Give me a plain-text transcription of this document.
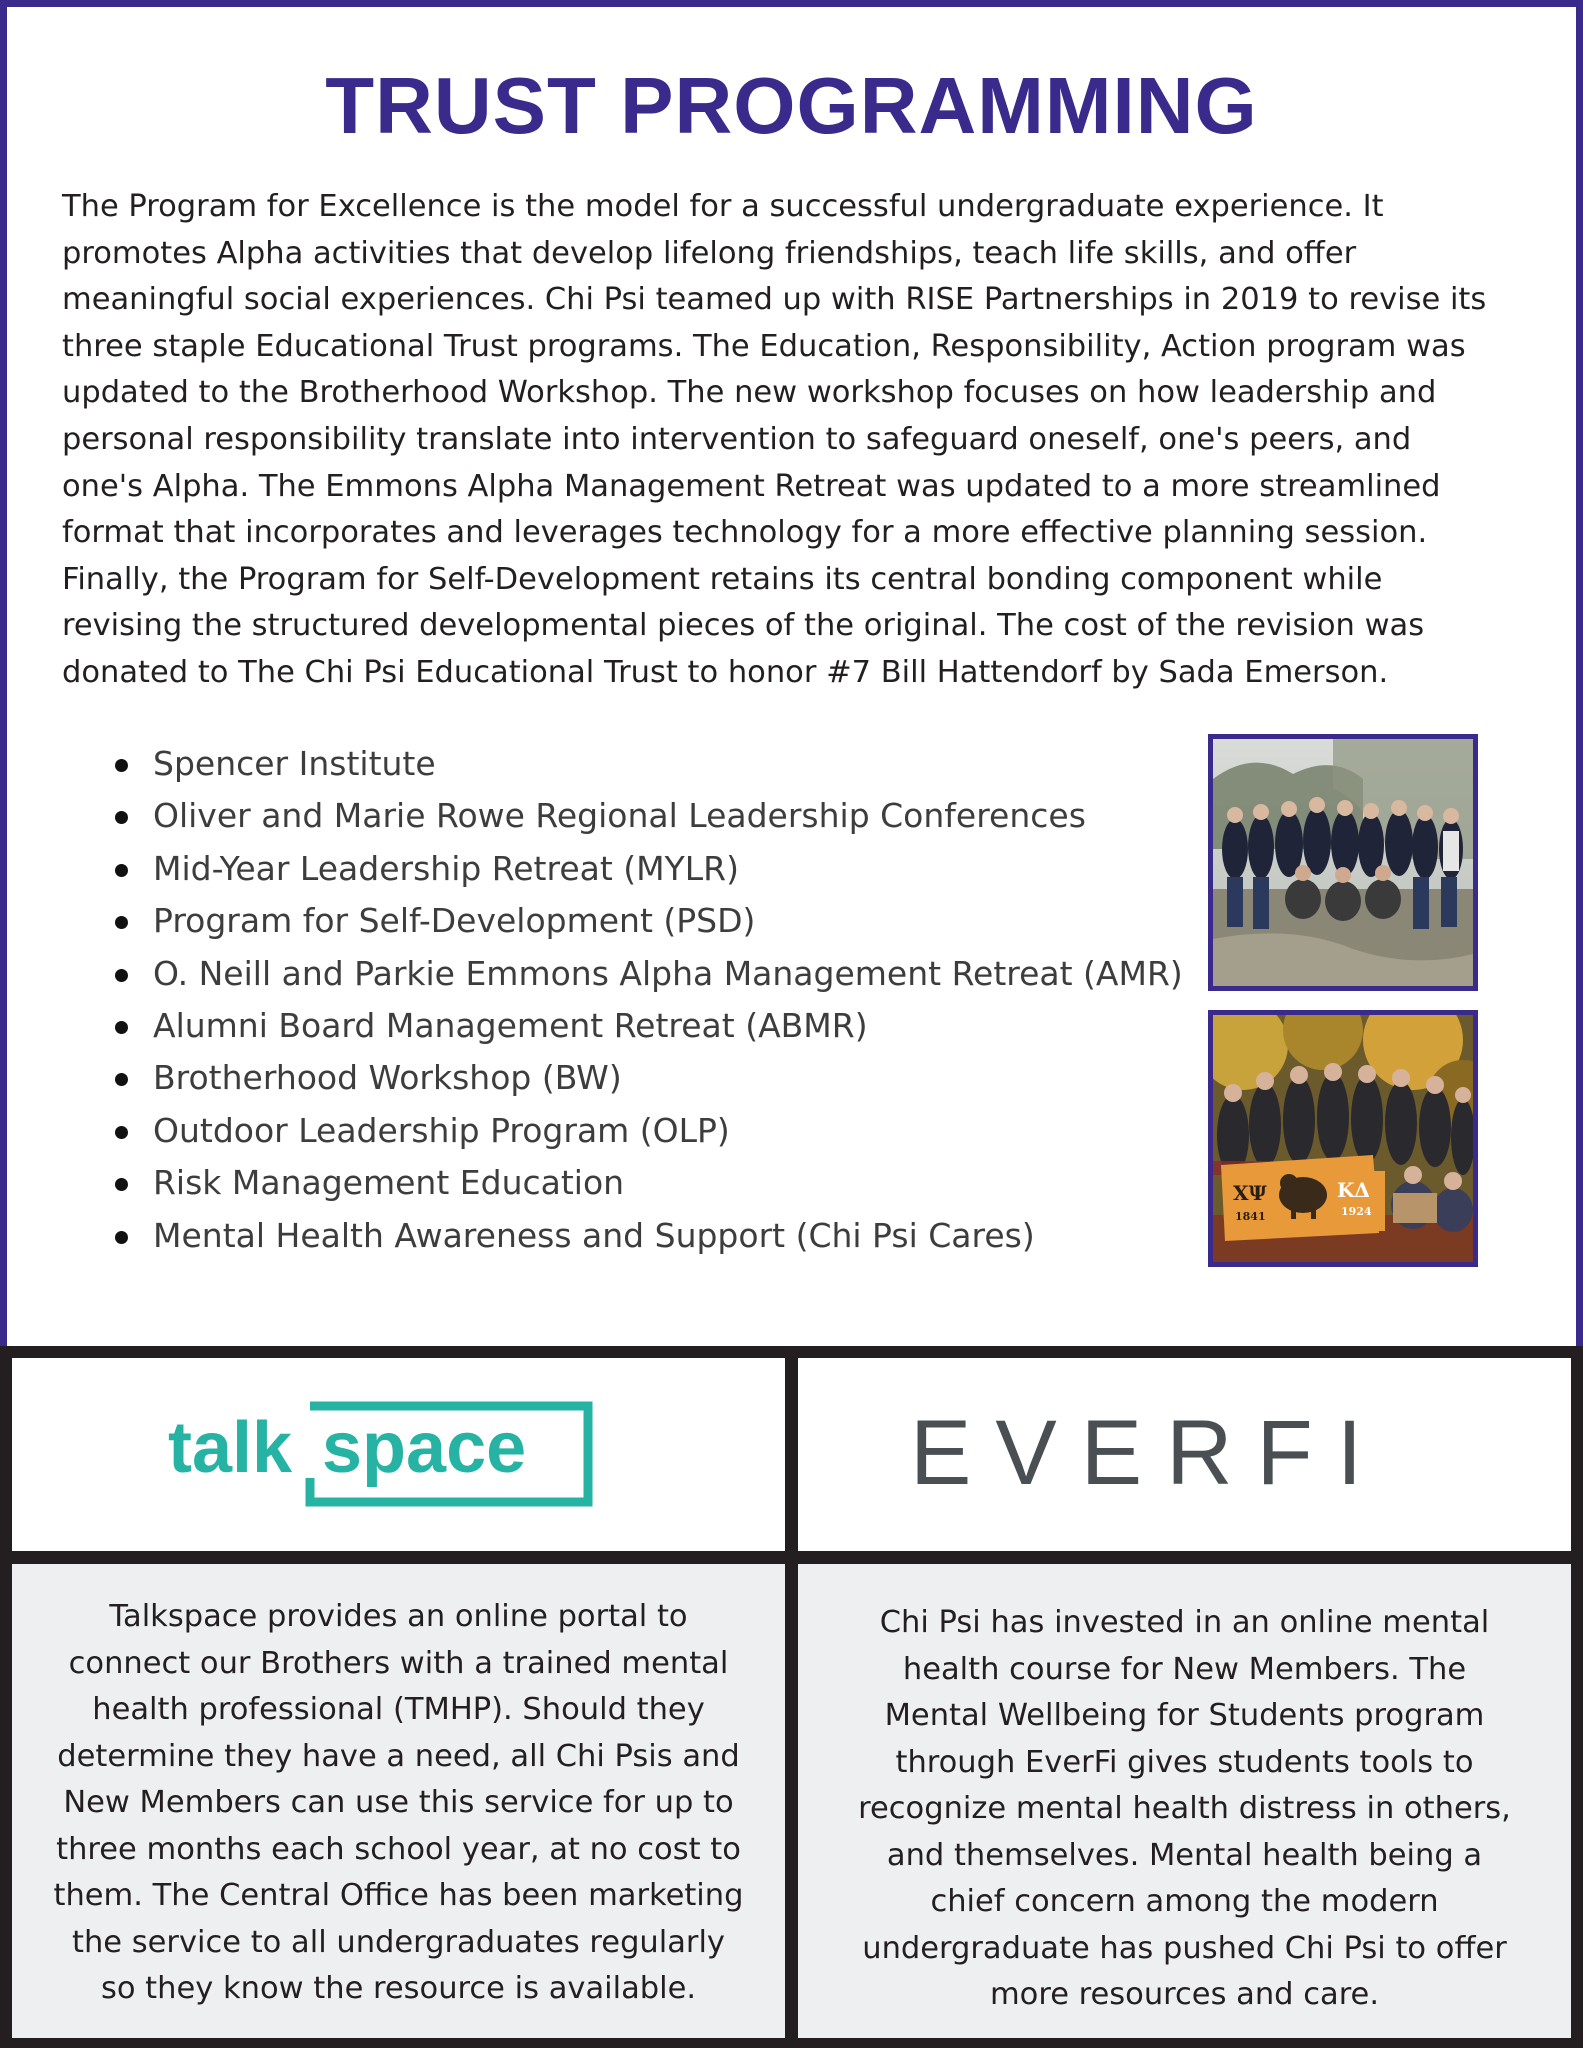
TRUST PROGRAMMING

The Program for Excellence is the model for a successful undergraduate experience. It
promotes Alpha activities that develop lifelong friendships, teach life skills, and offer
meaningful social experiences. Chi Psi teamed up with RISE Partnerships in 2019 to revise its
three staple Educational Trust programs. The Education, Responsibility, Action program was
updated to the Brotherhood Workshop. The new workshop focuses on how leadership and
personal responsibility translate into intervention to safeguard oneself, one's peers, and
one's Alpha. The Emmons Alpha Management Retreat was updated to a more streamlined
format that incorporates and leverages technology for a more effective planning session.
Finally, the Program for Self-Development retains its central bonding component while
revising the structured developmental pieces of the original. The cost of the revision was
donated to The Chi Psi Educational Trust to honor #7 Bill Hattendorf by Sada Emerson.

Spencer Institute
Oliver and Marie Rowe Regional Leadership Conferences
Mid-Year Leadership Retreat (MYLR)
Program for Self-Development (PSD)
O. Neill and Parkie Emmons Alpha Management Retreat (AMR)
Alumni Board Management Retreat (ABMR)
Brotherhood Workshop (BW)
Outdoor Leadership Program (OLP)
Risk Management Education
Mental Health Awareness and Support (Chi Psi Cares)
ΧΨ
1841
ΚΔ
1924
talk space	EVERFI

Talkspace provides an online portal to
connect our Brothers with a trained mental
health professional (TMHP). Should they
determine they have a need, all Chi Psis and
New Members can use this service for up to
three months each school year, at no cost to
them. The Central Office has been marketing
the service to all undergraduates regularly
so they know the resource is available.

Chi Psi has invested in an online mental
health course for New Members. The
Mental Wellbeing for Students program
through EverFi gives students tools to
recognize mental health distress in others,
and themselves. Mental health being a
chief concern among the modern
undergraduate has pushed Chi Psi to offer
more resources and care.
